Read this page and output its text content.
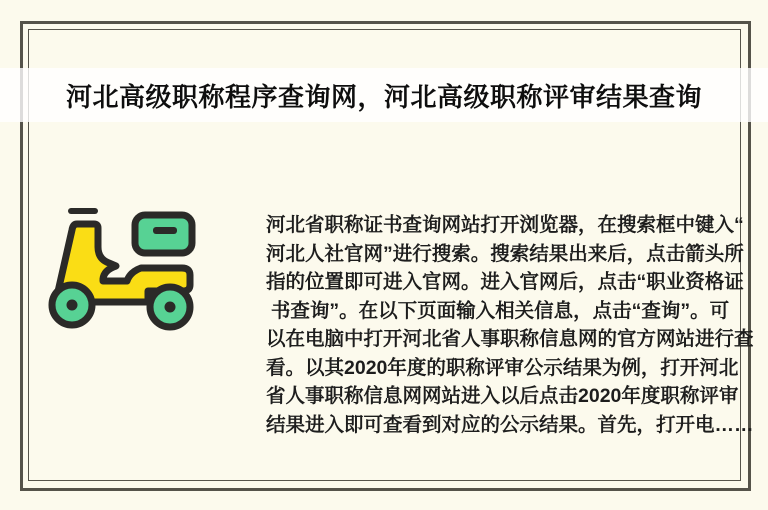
河北高级职称程序查询网，河北高级职称评审结果查询
河北省职称证书查询网站打开浏览器，在搜索框中键入“
河北人社官网”进行搜索。搜索结果出来后，点击箭头所
指的位置即可进入官网。进入官网后，点击“职业资格证
书查询”。在以下页面输入相关信息，点击“查询”。可
以在电脑中打开河北省人事职称信息网的官方网站进行查
看。以其2020年度的职称评审公示结果为例，打开河北
省人事职称信息网网站进入以后点击2020年度职称评审
结果进入即可查看到对应的公示结果。首先，打开电……
